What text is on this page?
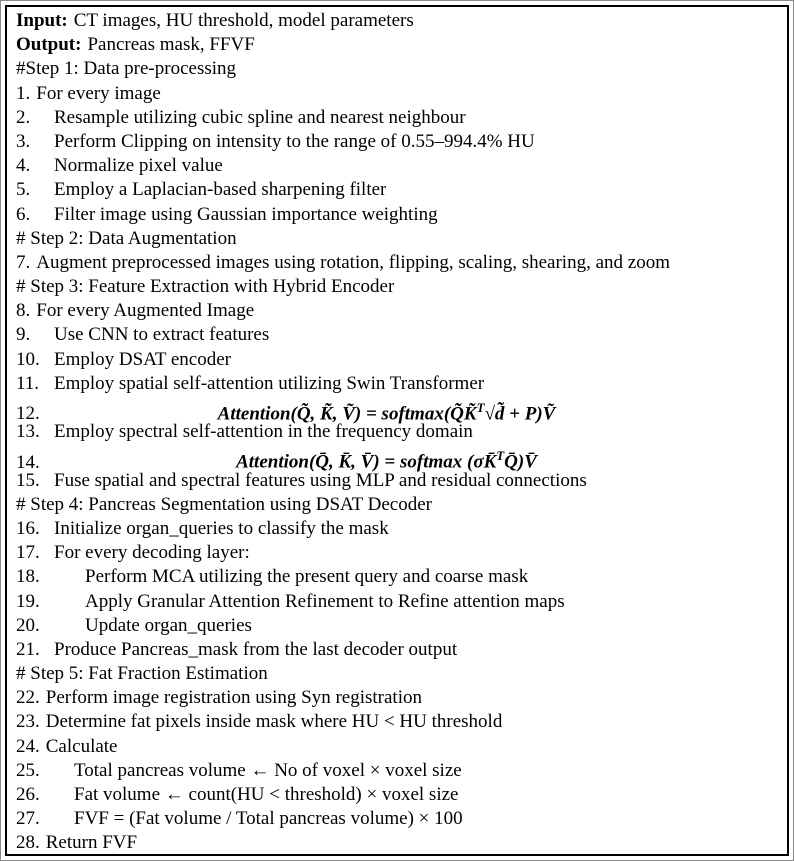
Input: CT images, HU threshold, model parameters
Output: Pancreas mask, FFVF
#Step 1: Data pre-processing
1. For every image
2.	Resample utilizing cubic spline and nearest neighbour
3.	Perform Clipping on intensity to the range of 0.55–994.4% HU
4.	Normalize pixel value
5.	Employ a Laplacian-based sharpening filter
6.	Filter image using Gaussian importance weighting
# Step 2: Data Augmentation
7. Augment preprocessed images using rotation, flipping, scaling, shearing, and zoom
# Step 3: Feature Extraction with Hybrid Encoder
8. For every Augmented Image
9.	Use CNN to extract features
10. Employ DSAT encoder
11. Employ spatial self-attention utilizing Swin Transformer
12.	Attention(Q̃, K̃, Ṽ) = softmax(Q̃K̃$^T$√d̃ + P)Ṽ
13. Employ spectral self-attention in the frequency domain
14.	Attention(Q̄, K̄, V̄) = softmax (σK̄$^T$Q̄)V̄
15. Fuse spatial and spectral features using MLP and residual connections
# Step 4: Pancreas Segmentation using DSAT Decoder
16. Initialize organ_queries to classify the mask
17. For every decoding layer:
18.	Perform MCA utilizing the present query and coarse mask
19.	Apply Granular Attention Refinement to Refine attention maps
20.	Update organ_queries
21. Produce Pancreas_mask from the last decoder output
# Step 5: Fat Fraction Estimation
22. Perform image registration using Syn registration
23. Determine fat pixels inside mask where HU < HU threshold
24. Calculate
25.	Total pancreas volume ← No of voxel × voxel size
26.	Fat volume ← count(HU < threshold) × voxel size
27.	FVF = (Fat volume / Total pancreas volume) × 100
28. Return FVF
